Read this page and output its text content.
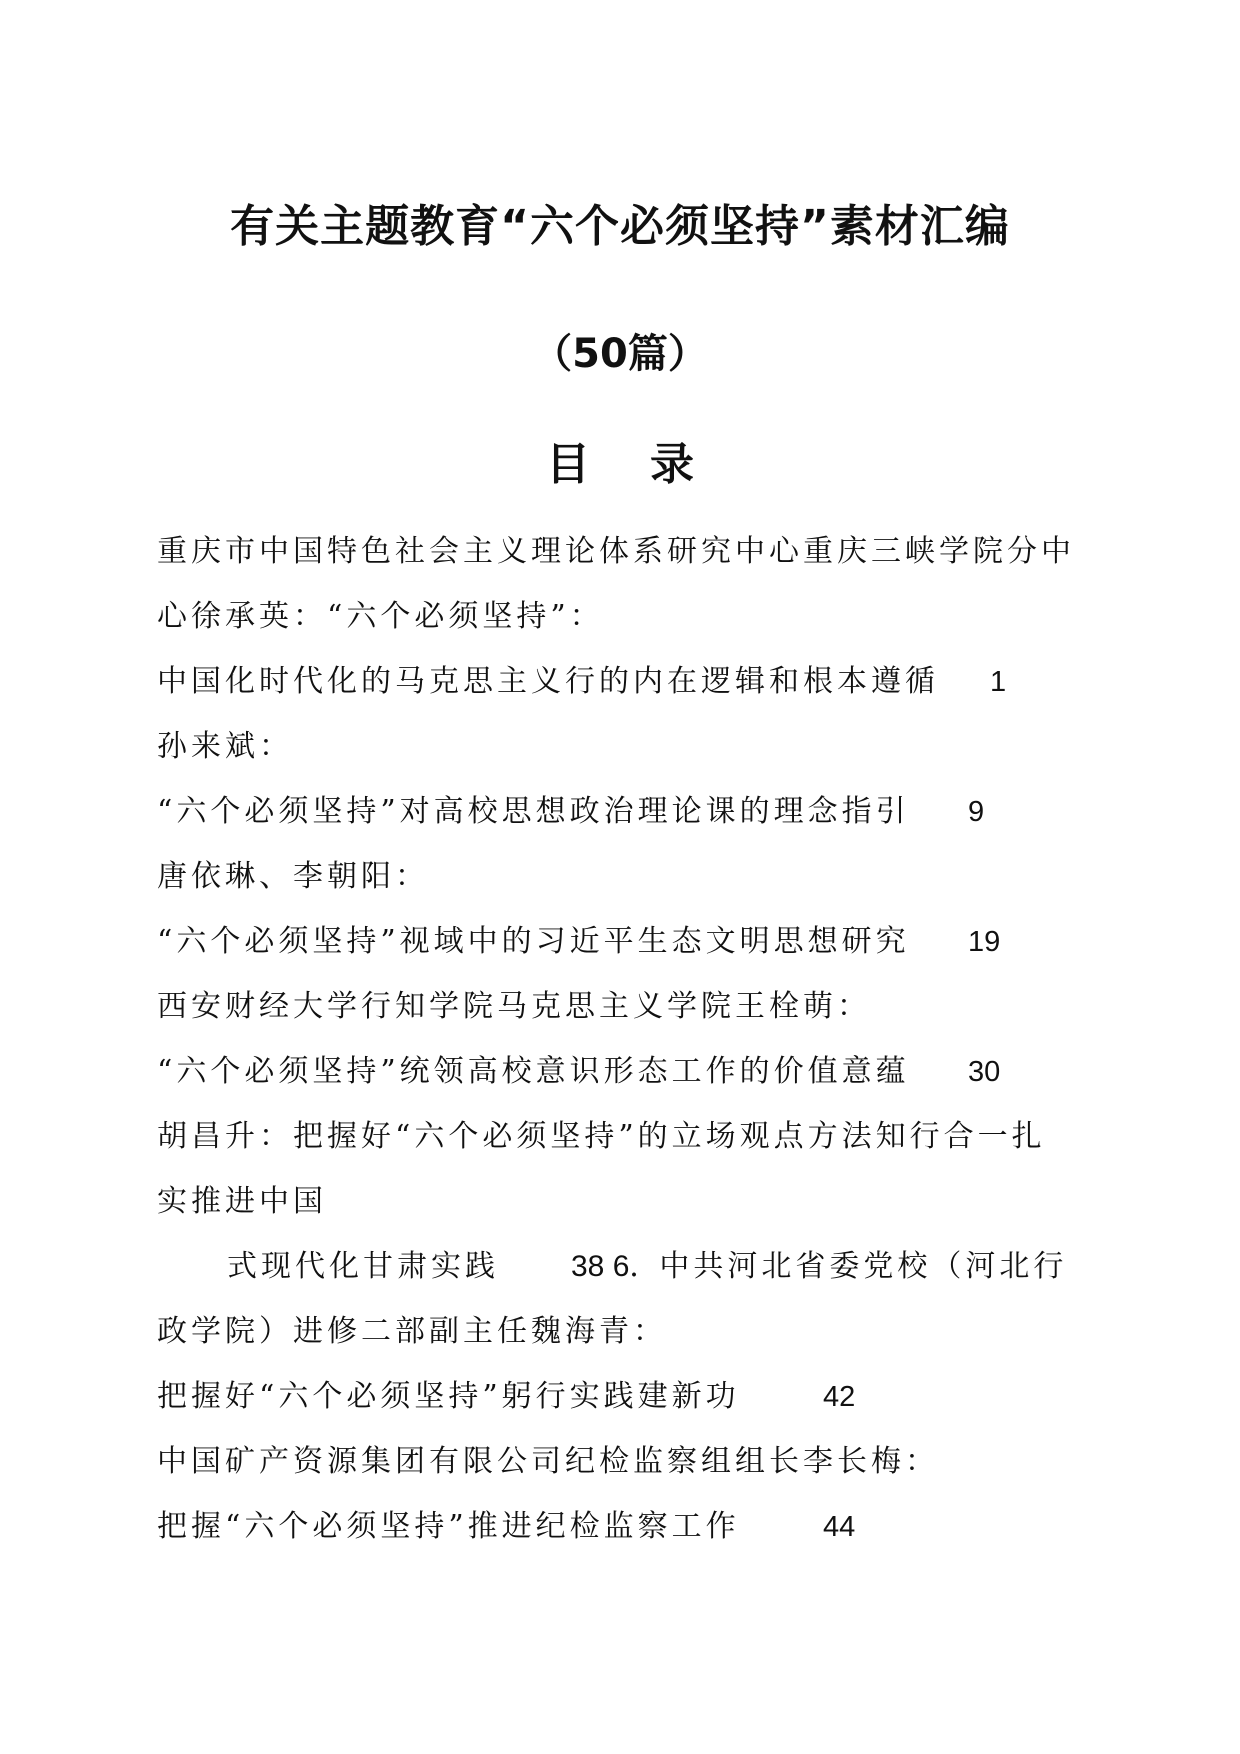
有关主题教育“六个必须坚持”素材汇编
（50篇）
目录
重庆市中国特色社会主义理论体系研究中心重庆三峡学院分中
心徐承英：“六个必须坚持”：
中国化时代化的马克思主义行的内在逻辑和根本遵循 1
孙来斌：
“六个必须坚持”对高校思想政治理论课的理念指引 9
唐依琳、李朝阳：
“六个必须坚持”视域中的习近平生态文明思想研究 19
西安财经大学行知学院马克思主义学院王栓萌：
“六个必须坚持”统领高校意识形态工作的价值意蕴 30
胡昌升：把握好“六个必须坚持”的立场观点方法知行合一扎
实推进中国
式现代化甘肃实践 38 6．中共河北省委党校（河北行
政学院）进修二部副主任魏海青：
把握好“六个必须坚持”躬行实践建新功	42
中国矿产资源集团有限公司纪检监察组组长李长梅：
把握“六个必须坚持”推进纪检监察工作	44
